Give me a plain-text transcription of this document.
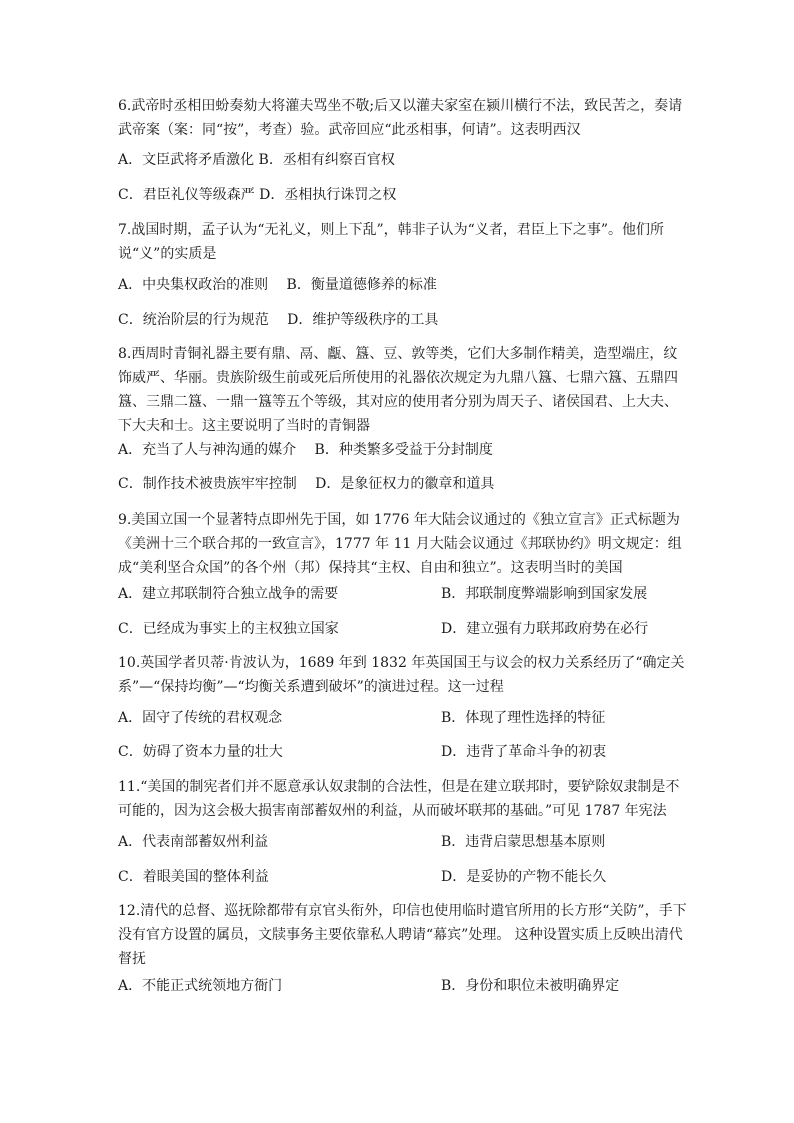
6.武帝时丞相田蚡奏劾大将灌夫骂坐不敬;后又以灌夫家室在颍川横行不法，致民苦之，奏请武帝案（案：同“按”，考查）验。武帝回应“此丞相事，何请”。这表明西汉

A．文臣武将矛盾激化 B．丞相有纠察百官权
C．君臣礼仪等级森严 D．丞相执行诛罚之权

7.战国时期，孟子认为“无礼义，则上下乱”，韩非子认为“义者，君臣上下之事”。他们所说“义”的实质是

A．中央集权政治的准则　 B．衡量道德修养的标准
C．统治阶层的行为规范　 D．维护等级秩序的工具

8.西周时青铜礼器主要有鼎、鬲、甗、簋、豆、敦等类，它们大多制作精美，造型端庄，纹饰威严、华丽。贵族阶级生前或死后所使用的礼器依次规定为九鼎八簋、七鼎六簋、五鼎四簋、三鼎二簋、一鼎一簋等五个等级，其对应的使用者分别为周天子、诸侯国君、上大夫、下大夫和士。这主要说明了当时的青铜器

A．充当了人与神沟通的媒介　 B．种类繁多受益于分封制度
C．制作技术被贵族牢牢控制　 D．是象征权力的徽章和道具

9.美国立国一个显著特点即州先于国，如 1776 年大陆会议通过的《独立宣言》正式标题为《美洲十三个联合邦的一致宣言》，1777 年 11 月大陆会议通过《邦联协约》明文规定：组成“美利坚合众国”的各个州（邦）保持其“主权、自由和独立”。这表明当时的美国

A．建立邦联制符合独立战争的需要	B．邦联制度弊端影响到国家发展
C．已经成为事实上的主权独立国家	D．建立强有力联邦政府势在必行

10.英国学者贝蒂·肯波认为，1689 年到 1832 年英国国王与议会的权力关系经历了“确定关系”—“保持均衡”—“均衡关系遭到破坏”的演进过程。这一过程

A．固守了传统的君权观念	B．体现了理性选择的特征
C．妨碍了资本力量的壮大	D．违背了革命斗争的初衷

11.“美国的制宪者们并不愿意承认奴隶制的合法性，但是在建立联邦时，要铲除奴隶制是不可能的，因为这会极大损害南部蓄奴州的利益，从而破坏联邦的基础。”可见 1787 年宪法

A．代表南部蓄奴州利益	B．违背启蒙思想基本原则
C．着眼美国的整体利益	D．是妥协的产物不能长久

12.清代的总督、巡抚除都带有京官头衔外，印信也使用临时遣官所用的长方形“关防”，手下没有官方设置的属员，文牍事务主要依靠私人聘请“幕宾”处理。 这种设置实质上反映出清代督抚

A．不能正式统领地方衙门	B．身份和职位未被明确界定
